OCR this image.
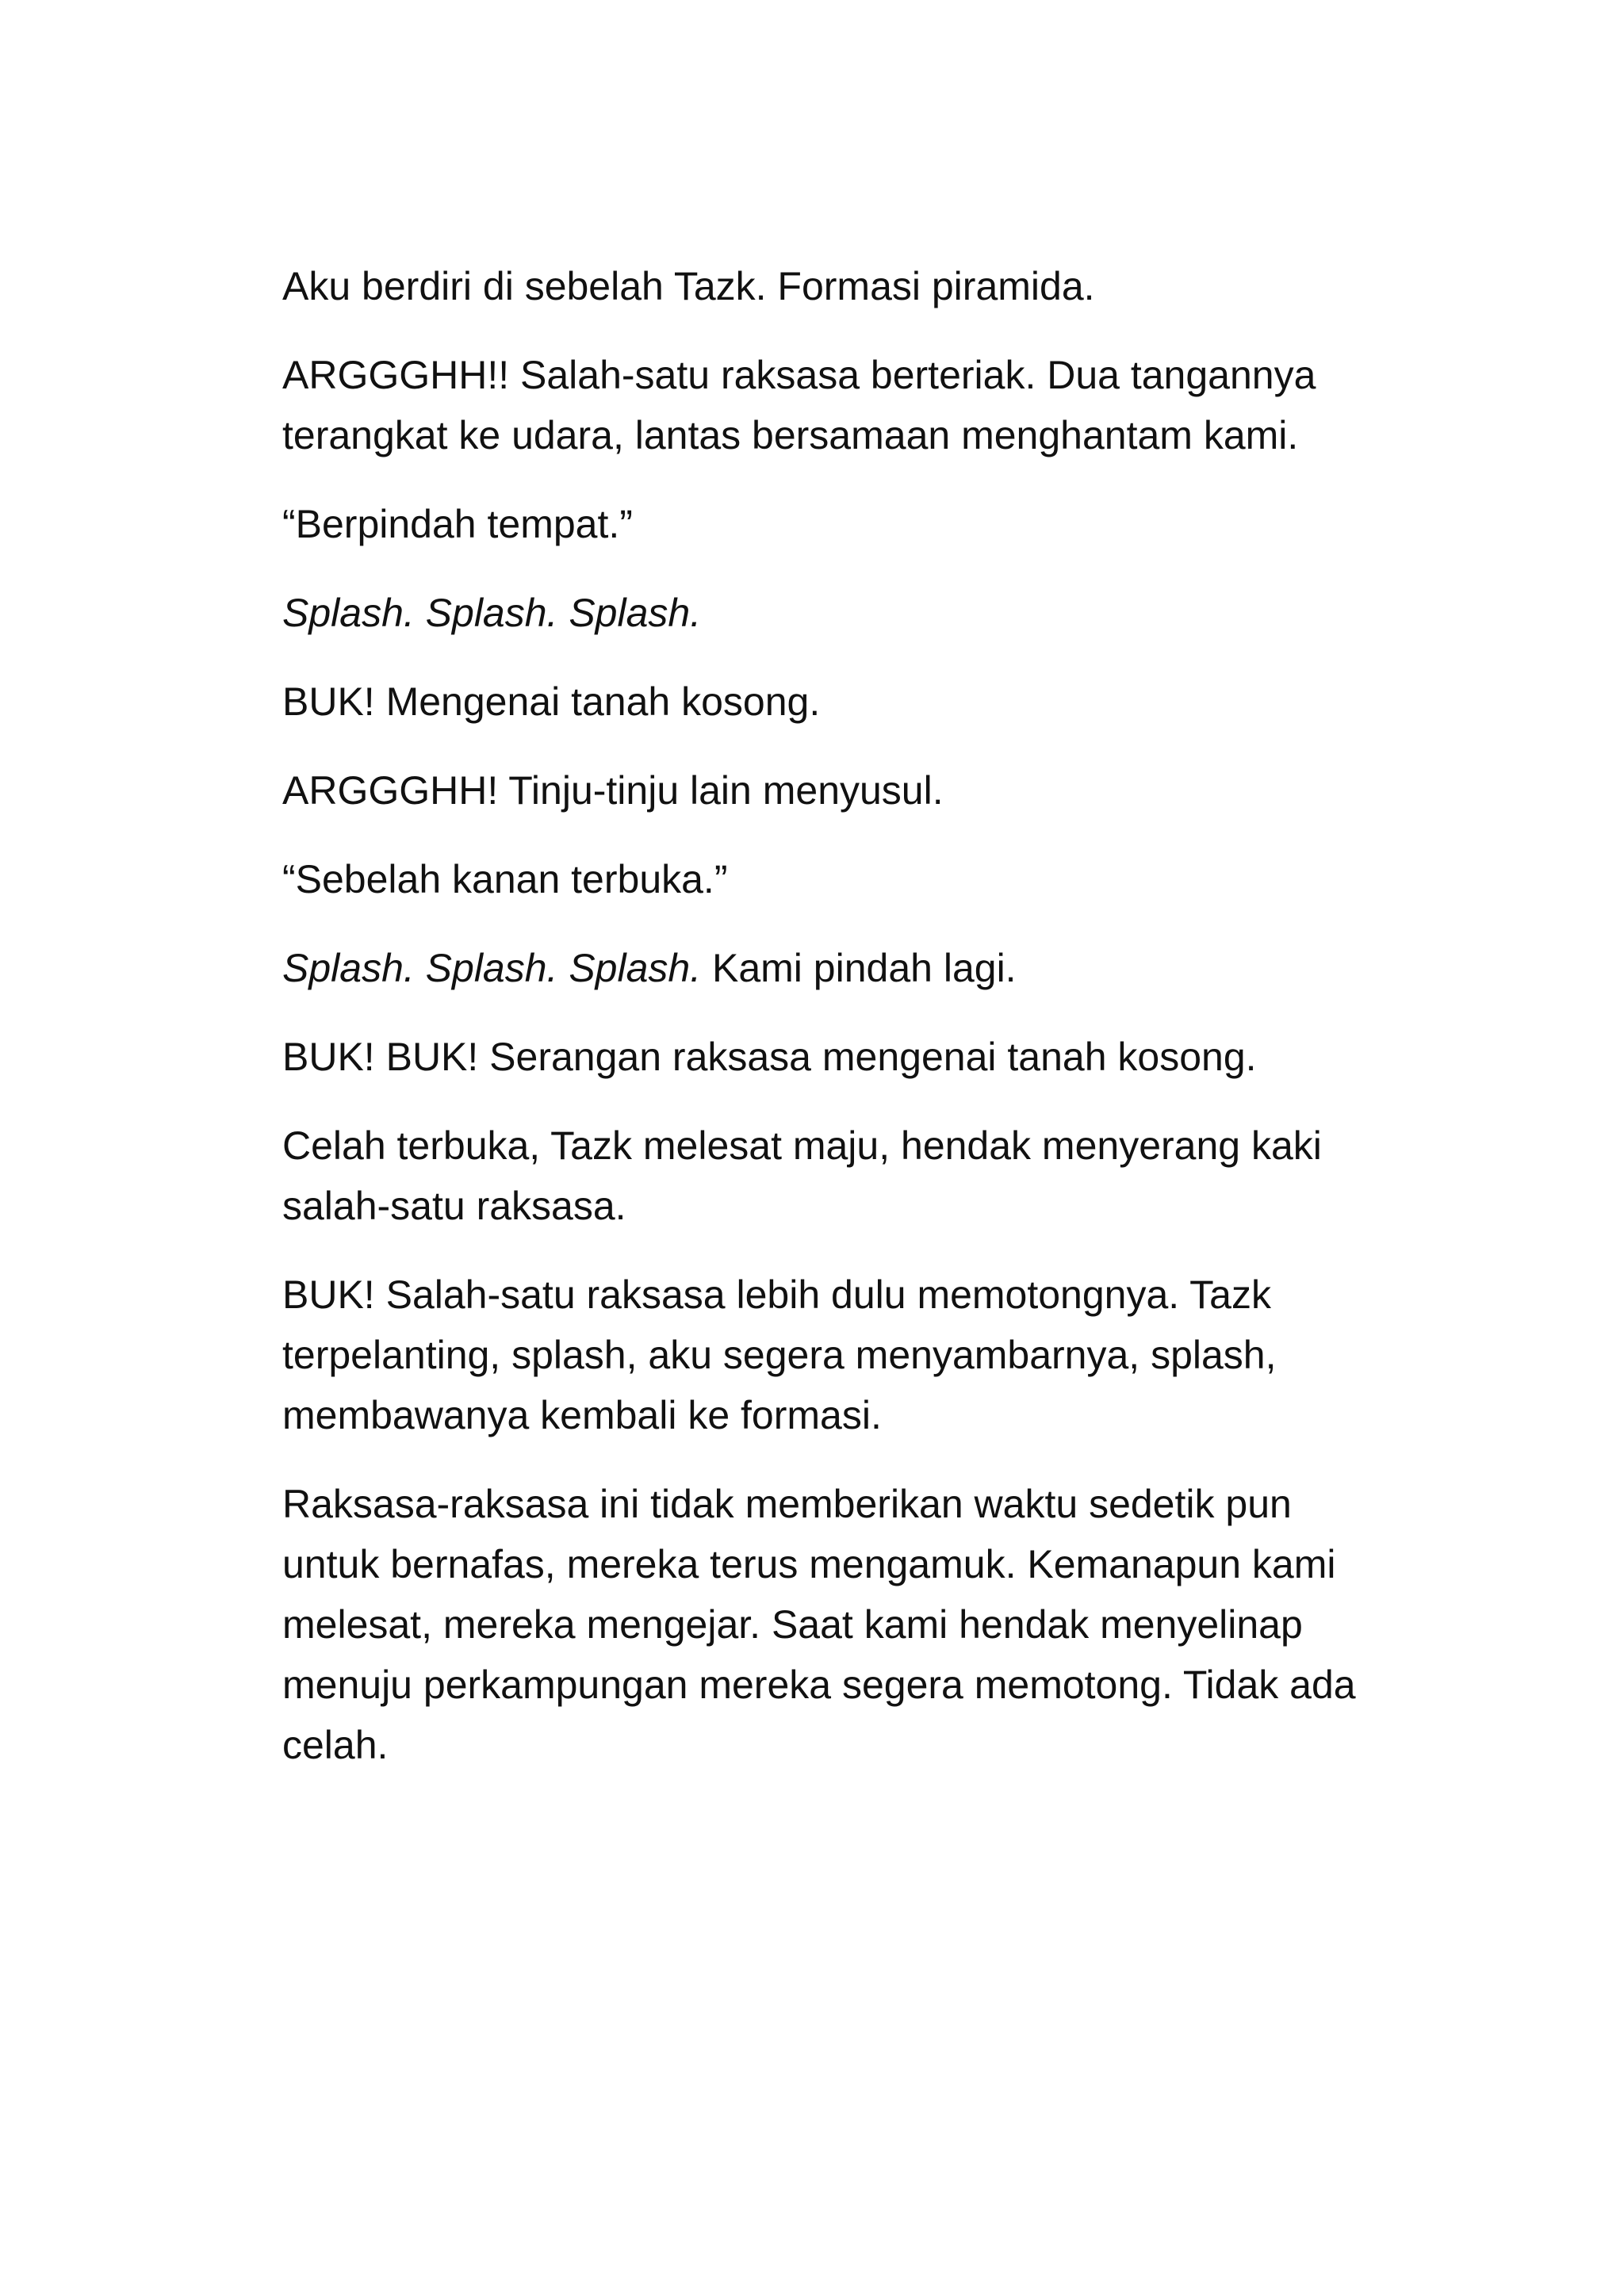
Aku berdiri di sebelah Tazk. Formasi piramida.

ARGGGHH!! Salah-satu raksasa berteriak. Dua tangannya terangkat ke udara, lantas bersamaan menghantam kami.

“Berpindah tempat.”

Splash. Splash. Splash.

BUK! Mengenai tanah kosong.

ARGGGHH! Tinju-tinju lain menyusul.

“Sebelah kanan terbuka.”

Splash. Splash. Splash. Kami pindah lagi.

BUK! BUK! Serangan raksasa mengenai tanah kosong.

Celah terbuka, Tazk melesat maju, hendak menyerang kaki salah-satu raksasa.

BUK! Salah-satu raksasa lebih dulu memotongnya. Tazk terpelanting, splash, aku segera menyambarnya, splash, membawanya kembali ke formasi.

Raksasa-raksasa ini tidak memberikan waktu sedetik pun untuk bernafas, mereka terus mengamuk. Kemanapun kami melesat, mereka mengejar. Saat kami hendak menyelinap menuju perkampungan mereka segera memotong. Tidak ada celah.
